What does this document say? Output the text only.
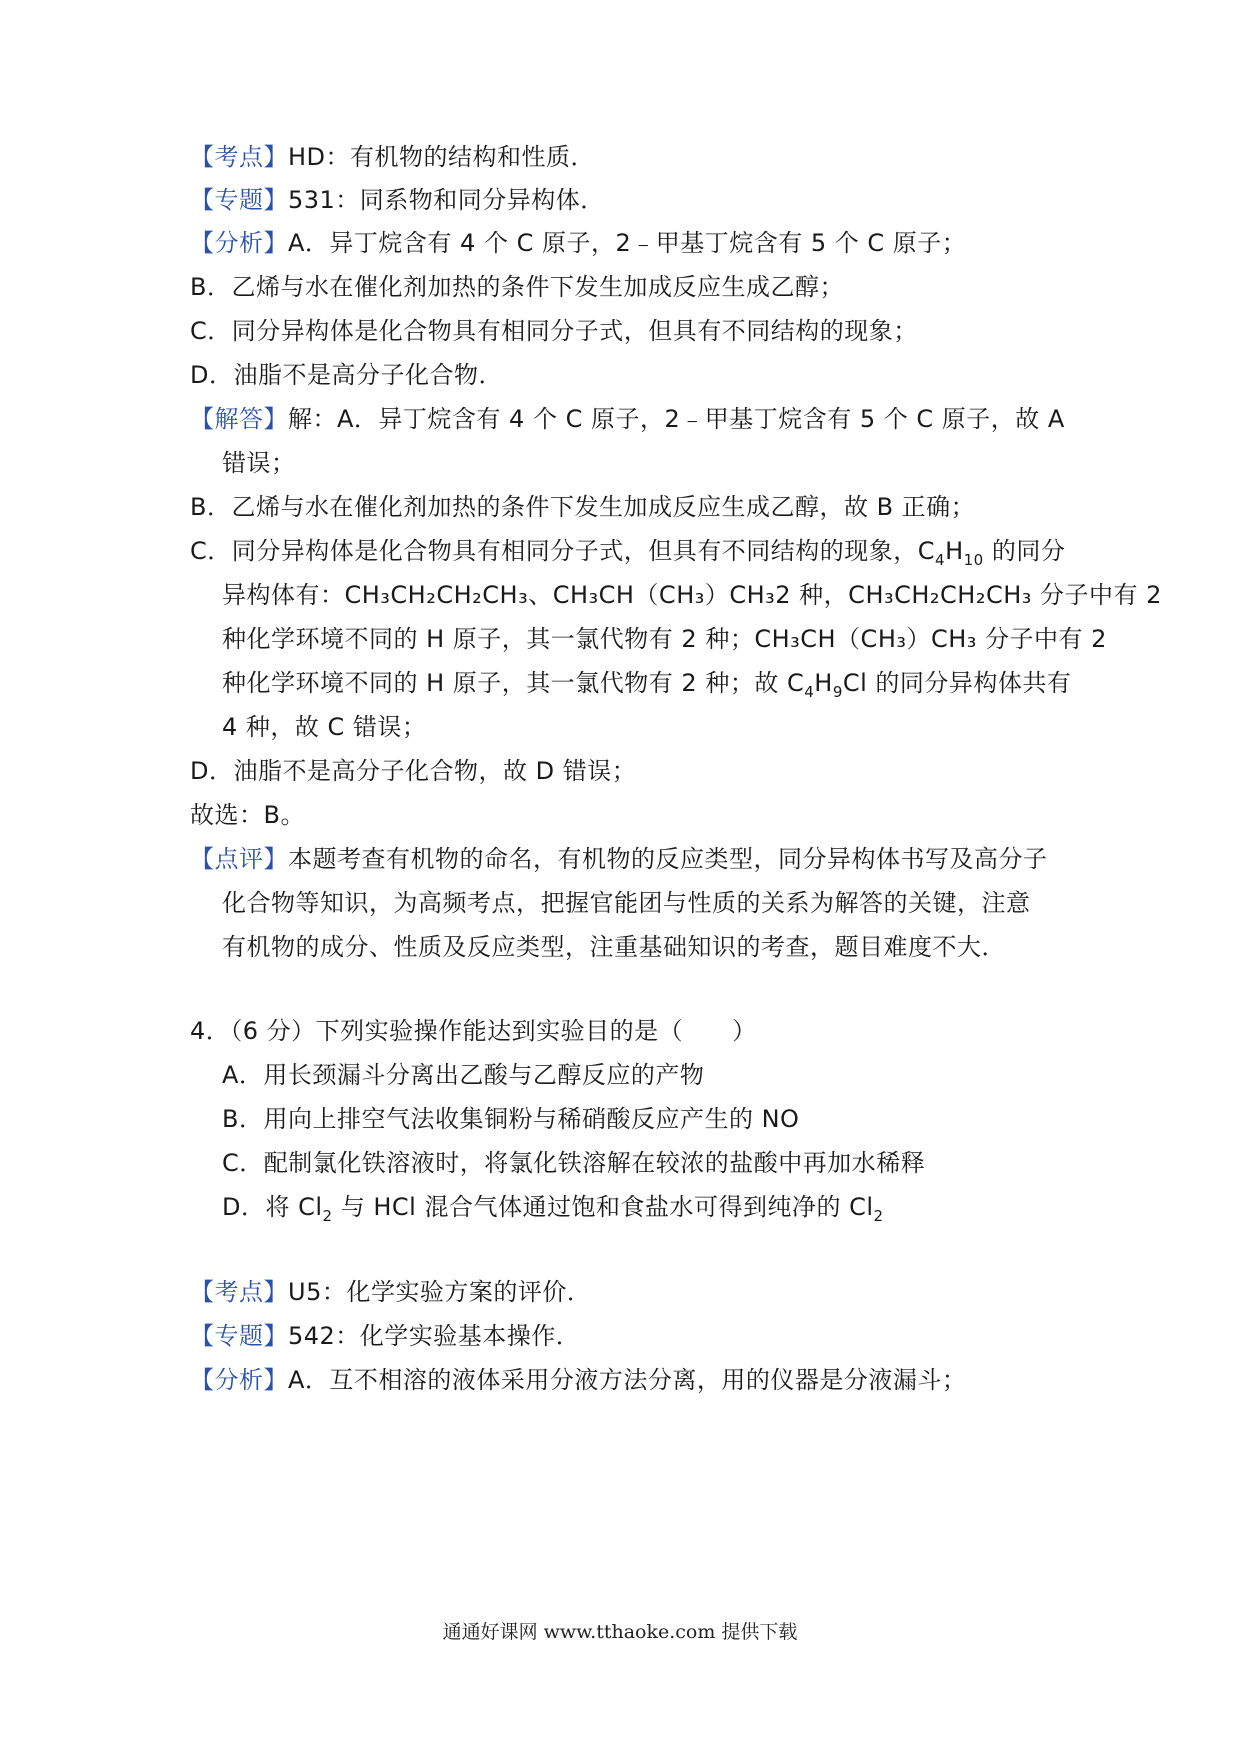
【考点】HD：有机物的结构和性质．
【专题】531：同系物和同分异构体．
【分析】A．异丁烷含有 4 个 C 原子，2﹣甲基丁烷含有 5 个 C 原子；
B．乙烯与水在催化剂加热的条件下发生加成反应生成乙醇；
C．同分异构体是化合物具有相同分子式，但具有不同结构的现象；
D．油脂不是高分子化合物．
【解答】解：A．异丁烷含有 4 个 C 原子，2﹣甲基丁烷含有 5 个 C 原子，故 A
错误；
B．乙烯与水在催化剂加热的条件下发生加成反应生成乙醇，故 B 正确；
C．同分异构体是化合物具有相同分子式，但具有不同结构的现象，$C_4H_{10}$ 的同分
异构体有：CH₃CH₂CH₂CH₃、CH₃CH（CH₃）CH₃2 种，CH₃CH₂CH₂CH₃ 分子中有 2
种化学环境不同的 H 原子，其一氯代物有 2 种；CH₃CH（CH₃）CH₃ 分子中有 2
种化学环境不同的 H 原子，其一氯代物有 2 种；故 $C_4H_9Cl$ 的同分异构体共有
4 种，故 C 错误；
D．油脂不是高分子化合物，故 D 错误；
故选：B。
【点评】本题考查有机物的命名，有机物的反应类型，同分异构体书写及高分子
化合物等知识，为高频考点，把握官能团与性质的关系为解答的关键，注意
有机物的成分、性质及反应类型，注重基础知识的考查，题目难度不大．
4．（6 分）下列实验操作能达到实验目的是（　　）
A．用长颈漏斗分离出乙酸与乙醇反应的产物
B．用向上排空气法收集铜粉与稀硝酸反应产生的 NO
C．配制氯化铁溶液时，将氯化铁溶解在较浓的盐酸中再加水稀释
D．将 $Cl_2$ 与 HCl 混合气体通过饱和食盐水可得到纯净的 $Cl_2$
【考点】U5：化学实验方案的评价．
【专题】542：化学实验基本操作．
【分析】A．互不相溶的液体采用分液方法分离，用的仪器是分液漏斗；
通通好课网 www.tthaoke.com 提供下载
